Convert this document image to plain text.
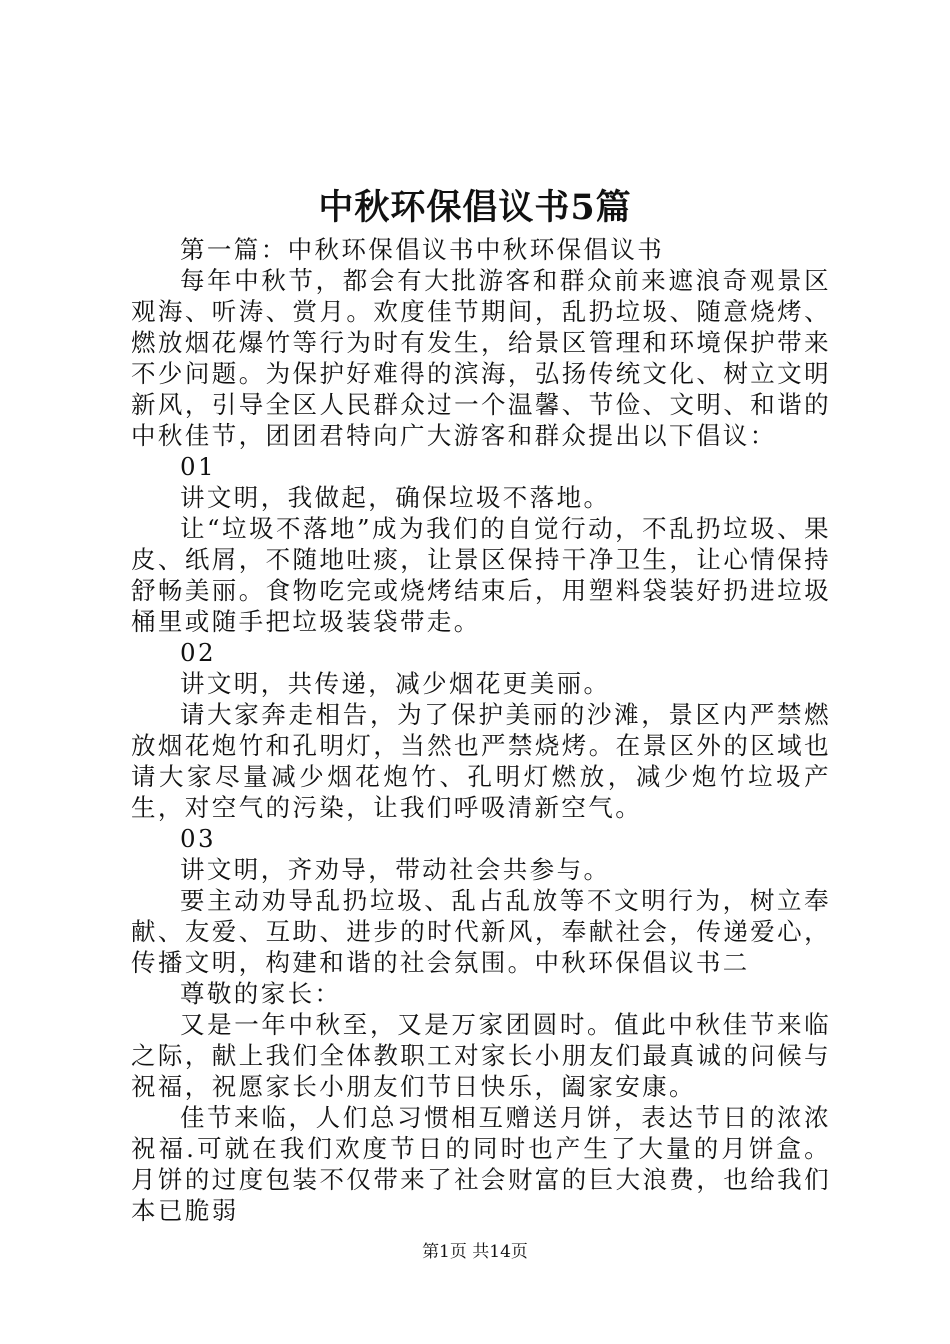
中秋环保倡议书5篇

第一篇：中秋环保倡议书中秋环保倡议书

每年中秋节，都会有大批游客和群众前来遮浪奇观景区观海、听涛、赏月。欢度佳节期间，乱扔垃圾、随意烧烤、燃放烟花爆竹等行为时有发生，给景区管理和环境保护带来不少问题。为保护好难得的滨海，弘扬传统文化、树立文明新风，引导全区人民群众过一个温馨、节俭、文明、和谐的中秋佳节，团团君特向广大游客和群众提出以下倡议：

01

讲文明，我做起，确保垃圾不落地。

让“垃圾不落地”成为我们的自觉行动，不乱扔垃圾、果皮、纸屑，不随地吐痰，让景区保持干净卫生，让心情保持舒畅美丽。食物吃完或烧烤结束后，用塑料袋装好扔进垃圾桶里或随手把垃圾装袋带走。

02

讲文明，共传递，减少烟花更美丽。

请大家奔走相告，为了保护美丽的沙滩，景区内严禁燃放烟花炮竹和孔明灯，当然也严禁烧烤。在景区外的区域也请大家尽量减少烟花炮竹、孔明灯燃放，减少炮竹垃圾产生，对空气的污染，让我们呼吸清新空气。

03

讲文明，齐劝导，带动社会共参与。

要主动劝导乱扔垃圾、乱占乱放等不文明行为，树立奉献、友爱、互助、进步的时代新风，奉献社会，传递爱心，传播文明，构建和谐的社会氛围。中秋环保倡议书二

尊敬的家长：

又是一年中秋至，又是万家团圆时。值此中秋佳节来临之际，献上我们全体教职工对家长小朋友们最真诚的问候与祝福，祝愿家长小朋友们节日快乐，阖家安康。

佳节来临，人们总习惯相互赠送月饼，表达节日的浓浓祝福.可就在我们欢度节日的同时也产生了大量的月饼盒。月饼的过度包装不仅带来了社会财富的巨大浪费，也给我们本已脆弱

第1页 共14页
